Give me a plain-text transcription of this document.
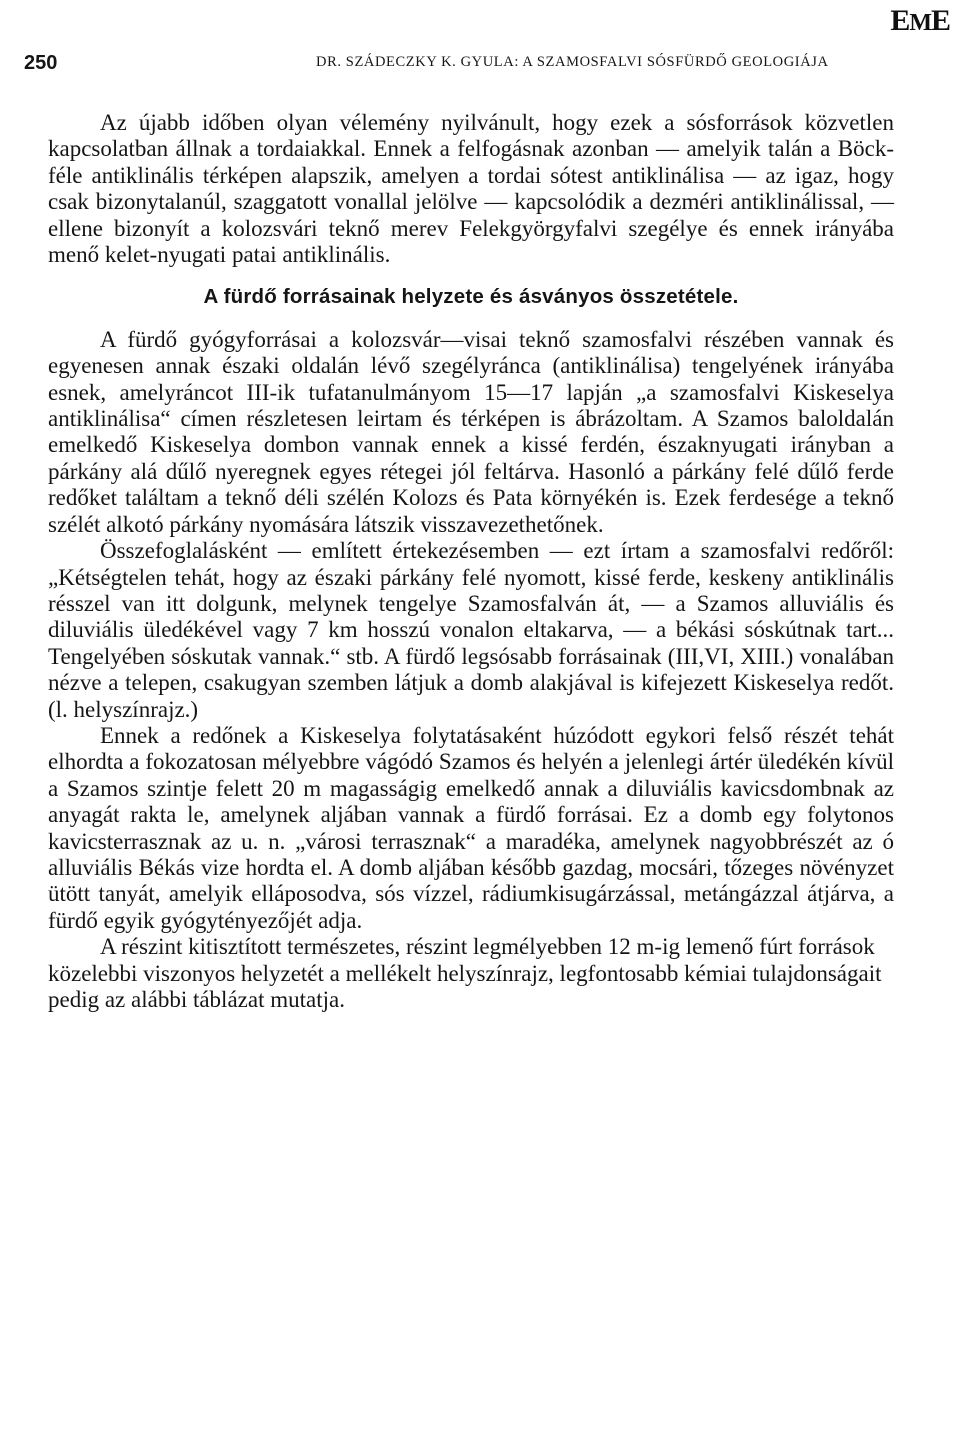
EME
250	DR. SZÁDECZKY K. GYULA: A SZAMOSFALVI SÓSFÜRDŐ GEOLOGIÁJA

Az újabb időben olyan vélemény nyilvánult, hogy ezek a sósforrások közvetlen kapcsolatban állnak a tordaiakkal. Ennek a felfogásnak azonban — amelyik talán a Böck-féle antiklinális térképen alapszik, amelyen a tordai sótest antiklinálisa — az igaz, hogy csak bizonytalanúl, szaggatott vonallal jelölve — kapcsolódik a dezméri antiklinálissal, — ellene bizonyít a kolozsvári teknő merev Felekgyörgyfalvi szegélye és ennek irányába menő kelet-nyugati patai antiklinális.

A fürdő forrásainak helyzete és ásványos összetétele.

A fürdő gyógyforrásai a kolozsvár—visai teknő szamosfalvi részében vannak és egyenesen annak északi oldalán lévő szegélyránca (antiklinálisa) tengelyének irányába esnek, amelyráncot III-ik tufatanulmányom 15—17 lapján „a szamosfalvi Kiskeselya antiklinálisa“ címen részletesen leirtam és térképen is ábrázoltam. A Szamos baloldalán emelkedő Kiskeselya dombon vannak ennek a kissé ferdén, északnyugati irányban a párkány alá dűlő nyeregnek egyes rétegei jól feltárva. Hasonló a párkány felé dűlő ferde redőket találtam a teknő déli szélén Kolozs és Pata környékén is. Ezek ferdesége a teknő szélét alkotó párkány nyomására látszik visszavezethetőnek.

Összefoglalásként — említett értekezésemben — ezt írtam a szamosfalvi redőről: „Kétségtelen tehát, hogy az északi párkány felé nyomott, kissé ferde, keskeny antiklinális résszel van itt dolgunk, melynek tengelye Szamosfalván át, — a Szamos alluviális és diluviális üledékével vagy 7 km hosszú vonalon eltakarva, — a békási sóskútnak tart... Tengelyében sóskutak vannak.“ stb. A fürdő legsósabb forrásainak (III,VI, XIII.) vonalában nézve a telepen, csakugyan szemben látjuk a domb alakjával is kifejezett Kiskeselya redőt. (l. helyszínrajz.)

Ennek a redőnek a Kiskeselya folytatásaként húzódott egykori felső részét tehát elhordta a fokozatosan mélyebbre vágódó Szamos és helyén a jelenlegi ártér üledékén kívül a Szamos szintje felett 20 m magasságig emelkedő annak a diluviális kavicsdombnak az anyagát rakta le, amelynek aljában vannak a fürdő forrásai. Ez a domb egy folytonos kavicsterrasznak az u. n. „városi terrasznak“ a maradéka, amelynek nagyobbrészét az ó alluviális Békás vize hordta el. A domb aljában később gazdag, mocsári, tőzeges növényzet ütött tanyát, amelyik elláposodva, sós vízzel, rádiumkisugárzással, metángázzal átjárva, a fürdő egyik gyógytényezőjét adja.

A részint kitisztított természetes, részint legmélyebben 12 m-ig lemenő fúrt források közelebbi viszonyos helyzetét a mellékelt helyszínrajz, legfontosabb kémiai tulajdonságait pedig az alábbi táblázat mutatja.
